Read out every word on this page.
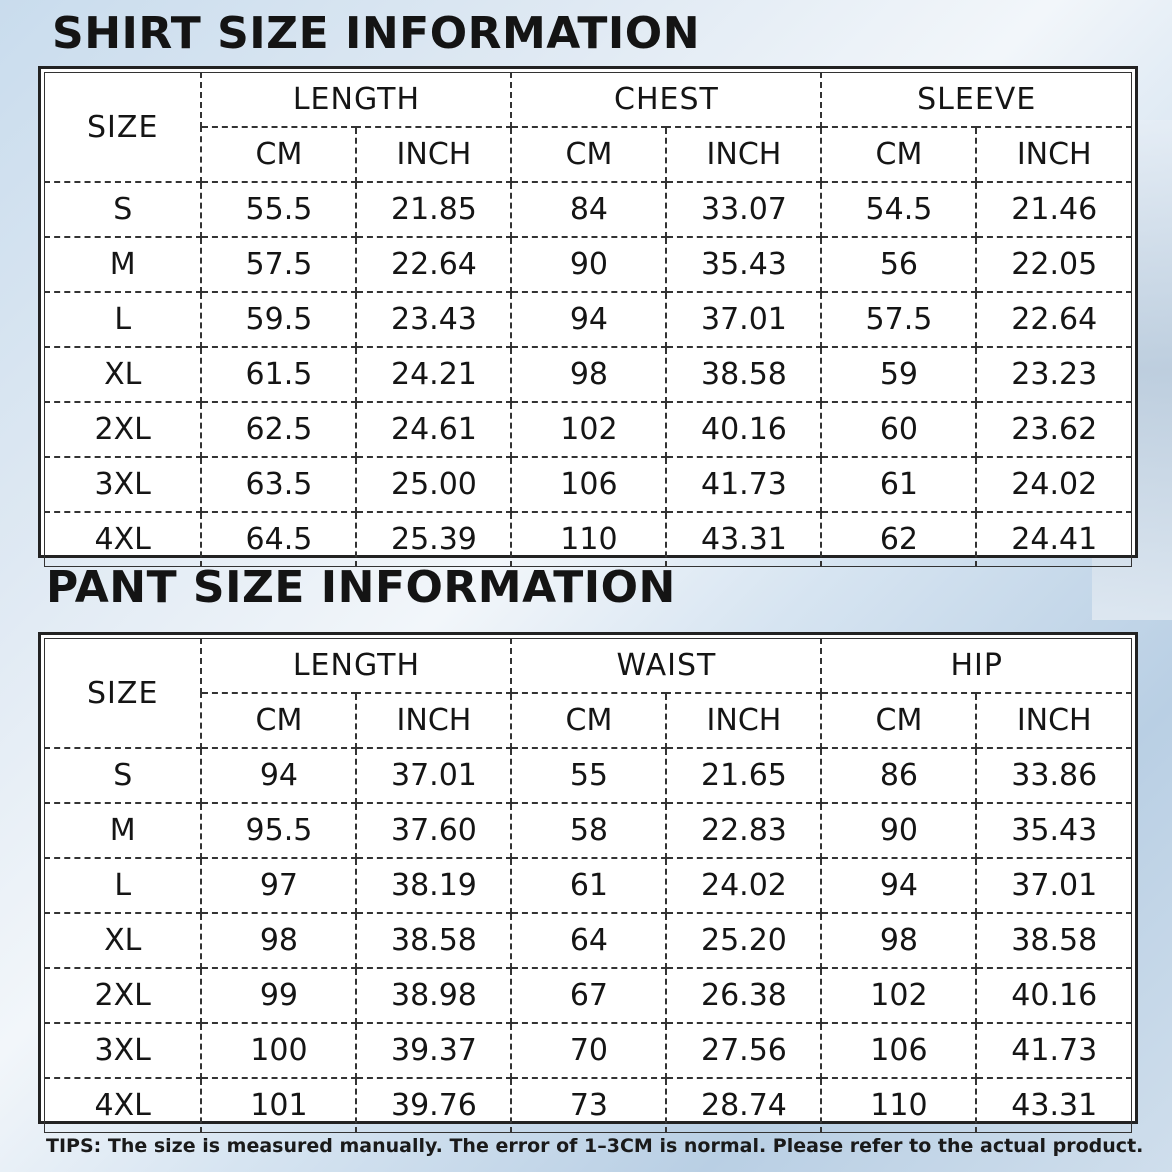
SHIRT SIZE INFORMATION
SIZE	LENGTH		CHEST		SLEEVE	
	CM	INCH	CM	INCH	CM	INCH
S	55.5	21.85	84	33.07	54.5	21.46
M	57.5	22.64	90	35.43	56	22.05
L	59.5	23.43	94	37.01	57.5	22.64
XL	61.5	24.21	98	38.58	59	23.23
2XL	62.5	24.61	102	40.16	60	23.62
3XL	63.5	25.00	106	41.73	61	24.02
4XL	64.5	25.39	110	43.31	62	24.41
PANT SIZE INFORMATION
SIZE	LENGTH		WAIST		HIP	
	CM	INCH	CM	INCH	CM	INCH
S	94	37.01	55	21.65	86	33.86
M	95.5	37.60	58	22.83	90	35.43
L	97	38.19	61	24.02	94	37.01
XL	98	38.58	64	25.20	98	38.58
2XL	99	38.98	67	26.38	102	40.16
3XL	100	39.37	70	27.56	106	41.73
4XL	101	39.76	73	28.74	110	43.31
TIPS: The size is measured manually. The error of 1–3CM is normal. Please refer to the actual product.
